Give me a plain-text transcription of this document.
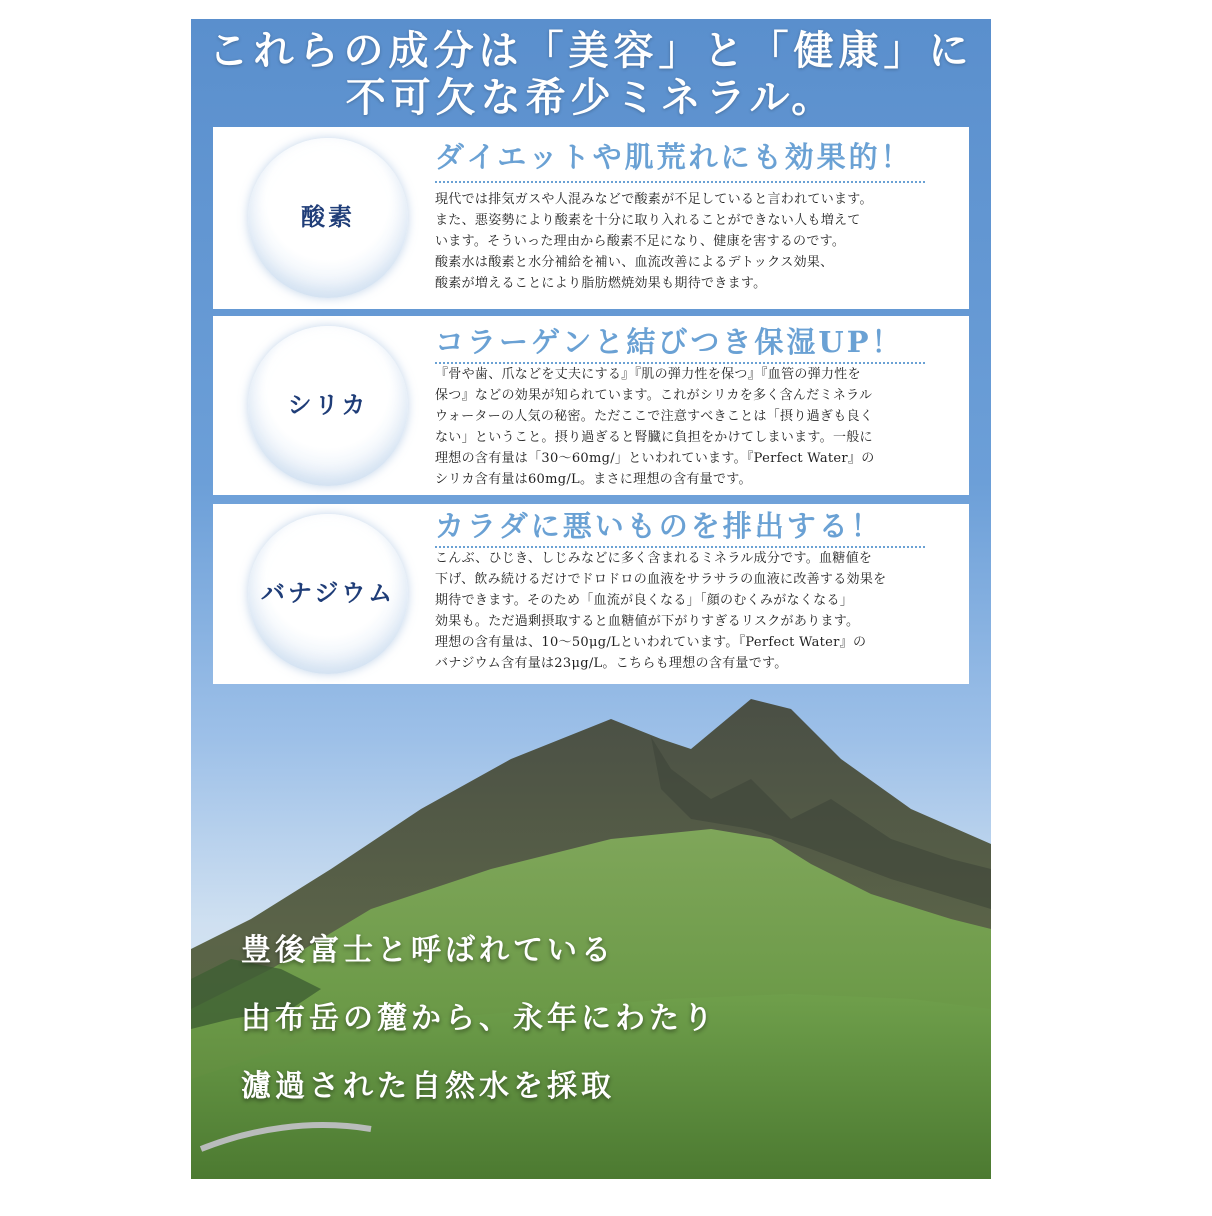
これらの成分は「美容」と「健康」に
不可欠な希少ミネラル。
酸素
ダイエットや肌荒れにも効果的！
現代では排気ガスや人混みなどで酸素が不足していると言われています。
また、悪姿勢により酸素を十分に取り入れることができない人も増えて
います。そういった理由から酸素不足になり、健康を害するのです。
酸素水は酸素と水分補給を補い、血流改善によるデトックス効果、
酸素が増えることにより脂肪燃焼効果も期待できます。
シリカ
コラーゲンと結びつき保湿UP！
『骨や歯、爪などを丈夫にする』『肌の弾力性を保つ』『血管の弾力性を
保つ』などの効果が知られています。これがシリカを多く含んだミネラル
ウォーターの人気の秘密。ただここで注意すべきことは「摂り過ぎも良く
ない」ということ。摂り過ぎると腎臓に負担をかけてしまいます。一般に
理想の含有量は「30〜60mg/」といわれています。『Perfect Water』の
シリカ含有量は60mg/L。まさに理想の含有量です。
バナジウム
カラダに悪いものを排出する！
こんぶ、ひじき、しじみなどに多く含まれるミネラル成分です。血糖値を
下げ、飲み続けるだけでドロドロの血液をサラサラの血液に改善する効果を
期待できます。そのため「血流が良くなる」「顔のむくみがなくなる」
効果も。ただ過剰摂取すると血糖値が下がりすぎるリスクがあります。
理想の含有量は、10〜50μg/Lといわれています。『Perfect Water』の
バナジウム含有量は23μg/L。こちらも理想の含有量です。
豊後富士と呼ばれている
由布岳の麓から、永年にわたり
濾過された自然水を採取
